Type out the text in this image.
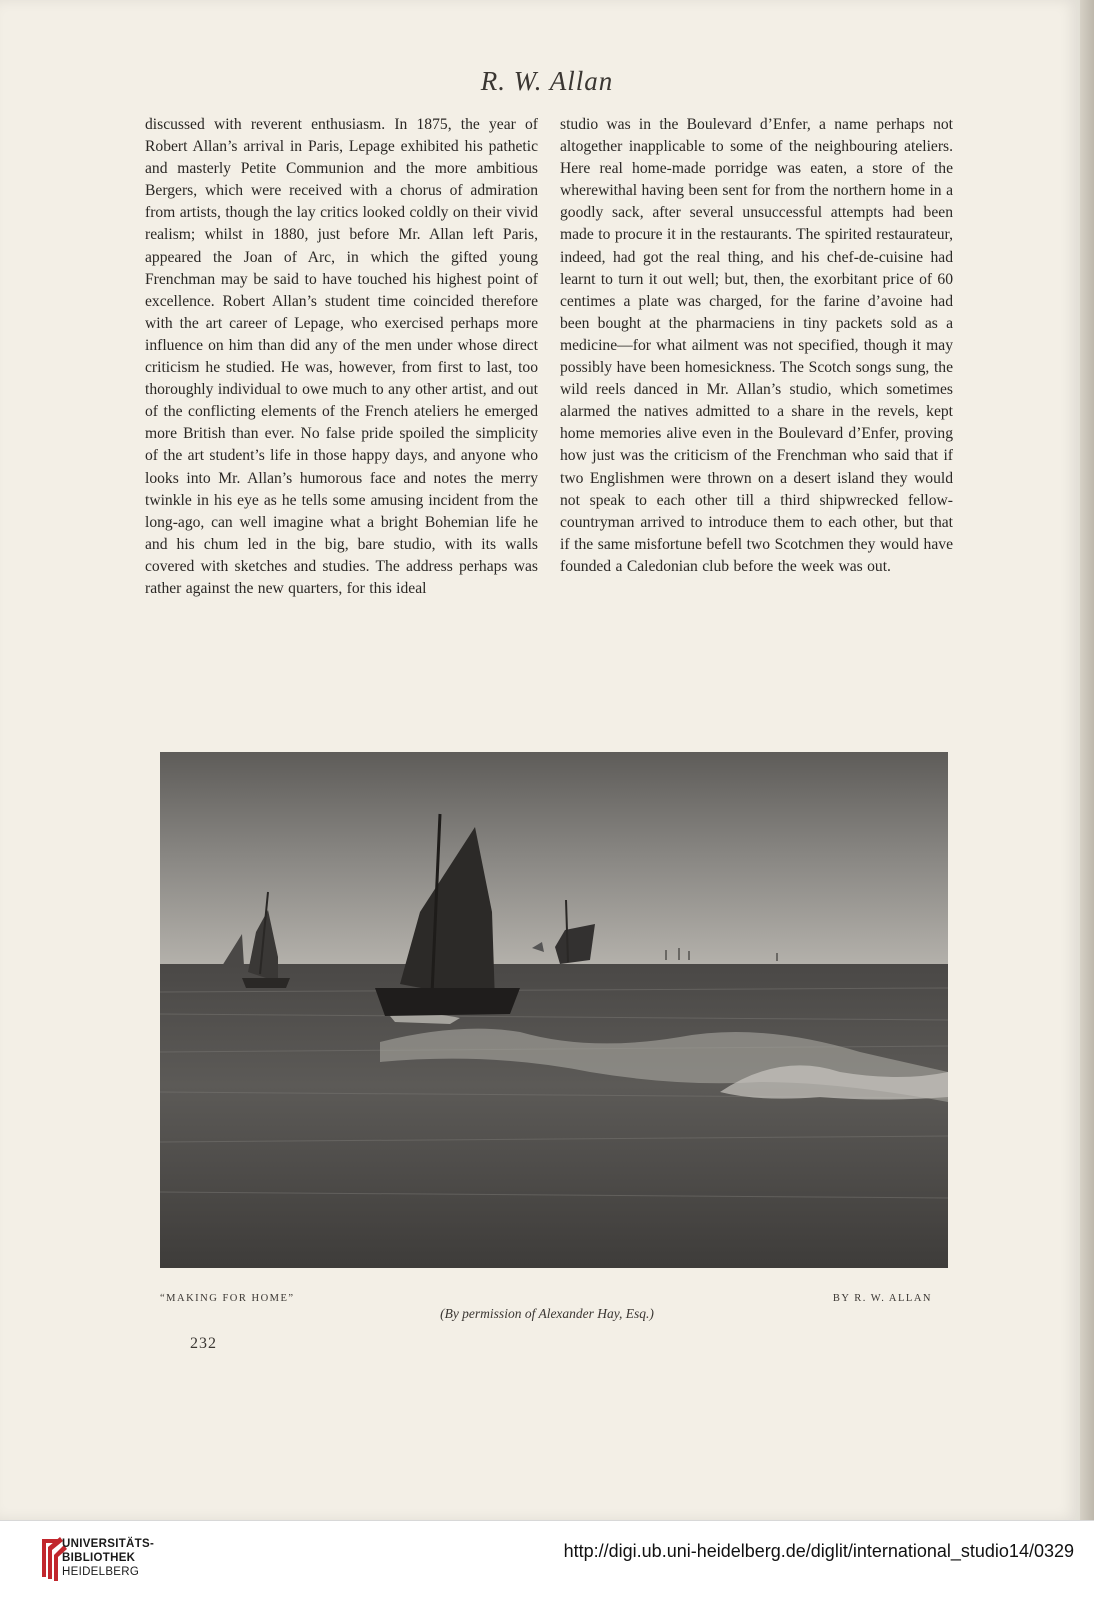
R. W. Allan

discussed with reverent enthusiasm. In 1875, the year of Robert Allan’s arrival in Paris, Lepage exhibited his pathetic and masterly Petite Communion and the more ambitious Bergers, which were received with a chorus of admiration from artists, though the lay critics looked coldly on their vivid realism; whilst in 1880, just before Mr. Allan left Paris, appeared the Joan of Arc, in which the gifted young Frenchman may be said to have touched his highest point of excellence. Robert Allan’s student time coincided therefore with the art career of Lepage, who exercised perhaps more influence on him than did any of the men under whose direct criticism he studied. He was, however, from first to last, too thoroughly individual to owe much to any other artist, and out of the conflicting elements of the French ateliers he emerged more British than ever. No false pride spoiled the simplicity of the art student’s life in those happy days, and anyone who looks into Mr. Allan’s humorous face and notes the merry twinkle in his eye as he tells some amusing incident from the long-ago, can well imagine what a bright Bohemian life he and his chum led in the big, bare studio, with its walls covered with sketches and studies. The address perhaps was rather against the new quarters, for this ideal

studio was in the Boulevard d’Enfer, a name perhaps not altogether inapplicable to some of the neighbouring ateliers. Here real home-made porridge was eaten, a store of the wherewithal having been sent for from the northern home in a goodly sack, after several unsuccessful attempts had been made to procure it in the restaurants. The spirited restaurateur, indeed, had got the real thing, and his chef-de-cuisine had learnt to turn it out well; but, then, the exorbitant price of 60 centimes a plate was charged, for the farine d’avoine had been bought at the pharmaciens in tiny packets sold as a medicine—for what ailment was not specified, though it may possibly have been homesickness. The Scotch songs sung, the wild reels danced in Mr. Allan’s studio, which sometimes alarmed the natives admitted to a share in the revels, kept home memories alive even in the Boulevard d’Enfer, proving how just was the criticism of the Frenchman who said that if two Englishmen were thrown on a desert island they would not speak to each other till a third shipwrecked fellow-countryman arrived to introduce them to each other, but that if the same misfortune befell two Scotchmen they would have founded a Caledonian club before the week was out.

“MAKING FOR HOME”	BY R. W. ALLAN
(By permission of Alexander Hay, Esq.)
232
UNIVERSITÄTS-
BIBLIOTHEK
HEIDELBERG
http://digi.ub.uni-heidelberg.de/diglit/international_studio14/0329
